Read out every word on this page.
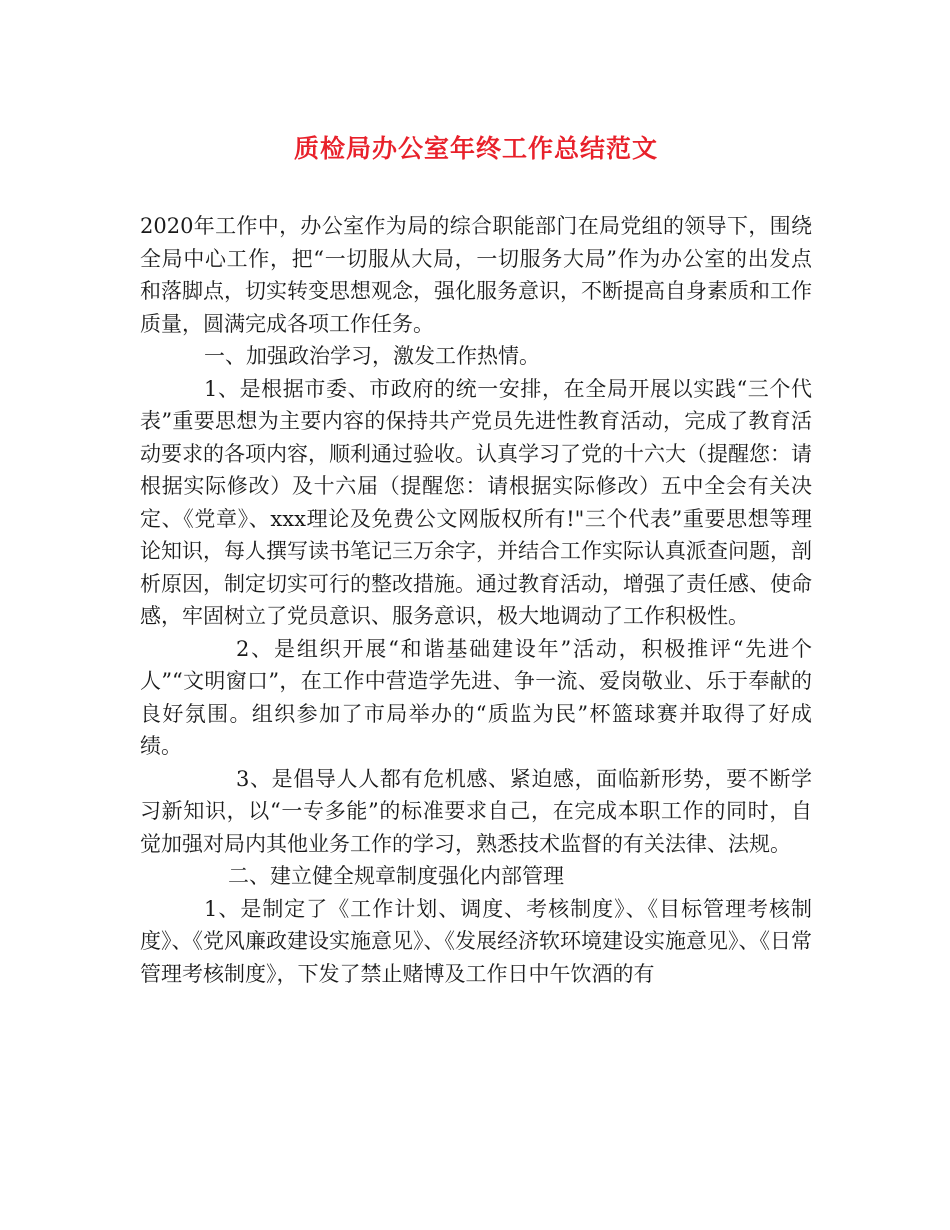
质检局办公室年终工作总结范文

2020年工作中，办公室作为局的综合职能部门在局党组的领导下，围绕全局中心工作，把“一切服从大局，一切服务大局”作为办公室的出发点和落脚点，切实转变思想观念，强化服务意识，不断提高自身素质和工作质量，圆满完成各项工作任务。

一、加强政治学习，激发工作热情。

1、是根据市委、市政府的统一安排，在全局开展以实践“三个代表”重要思想为主要内容的保持共产党员先进性教育活动，完成了教育活动要求的各项内容，顺利通过验收。认真学习了党的十六大（提醒您：请根据实际修改）及十六届（提醒您：请根据实际修改）五中全会有关决定、《党章》、xxx理论及免费公文网版权所有!"三个代表”重要思想等理论知识，每人撰写读书笔记三万余字，并结合工作实际认真派查问题，剖析原因，制定切实可行的整改措施。通过教育活动，增强了责任感、使命感，牢固树立了党员意识、服务意识，极大地调动了工作积极性。

2、是组织开展“和谐基础建设年”活动，积极推评“先进个人”“文明窗口”，在工作中营造学先进、争一流、爱岗敬业、乐于奉献的良好氛围。组织参加了市局举办的“质监为民”杯篮球赛并取得了好成绩。

3、是倡导人人都有危机感、紧迫感，面临新形势，要不断学习新知识，以“一专多能”的标准要求自己，在完成本职工作的同时，自觉加强对局内其他业务工作的学习，熟悉技术监督的有关法律、法规。

二、建立健全规章制度强化内部管理

1、是制定了《工作计划、调度、考核制度》、《目标管理考核制度》、《党风廉政建设实施意见》、《发展经济软环境建设实施意见》、《日常管理考核制度》，下发了禁止赌博及工作日中午饮酒的有
